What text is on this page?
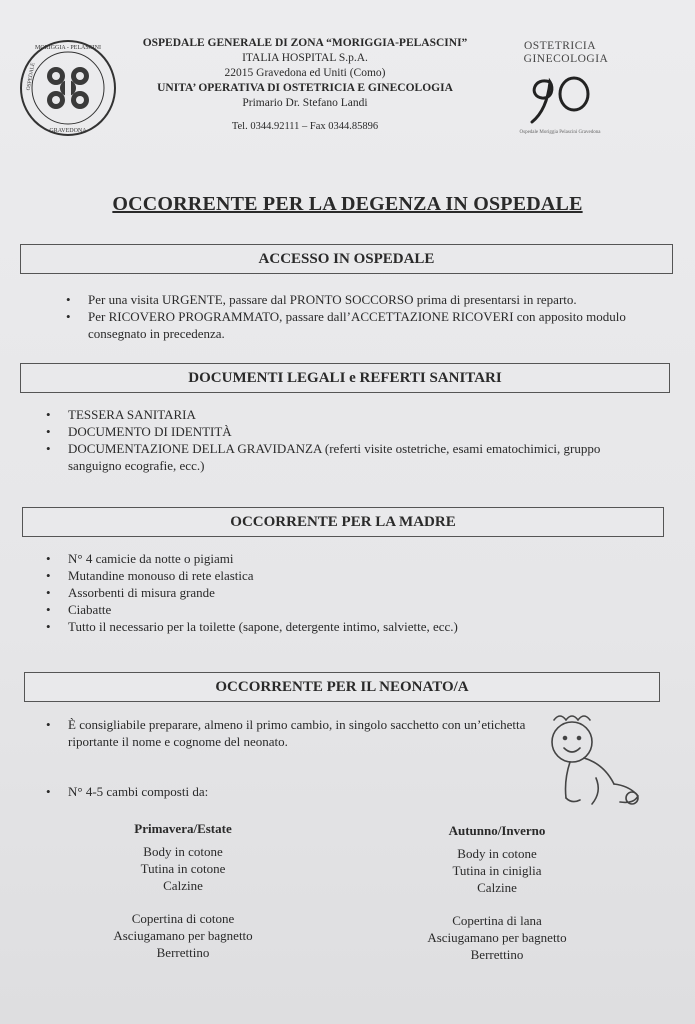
MORIGGIA - PELASCINI
OSPEDALE
GRAVEDONA
OSPEDALE GENERALE DI ZONA “MORIGGIA-PELASCINI”
ITALIA HOSPITAL S.p.A.
22015 Gravedona ed Uniti (Como)
UNITA’ OPERATIVA DI OSTETRICIA E GINECOLOGIA
Primario Dr. Stefano Landi
Tel. 0344.92111 – Fax 0344.85896
OSTETRICIA
GINECOLOGIA
Ospedale Moriggia Pelascini Gravedona
OCCORRENTE PER LA DEGENZA IN OSPEDALE
ACCESSO IN OSPEDALE
• Per una visita URGENTE, passare dal PRONTO SOCCORSO prima di presentarsi in reparto.
• Per RICOVERO PROGRAMMATO, passare dall’ACCETTAZIONE RICOVERI con apposito modulo consegnato in precedenza.
DOCUMENTI LEGALI e REFERTI SANITARI
• TESSERA SANITARIA
• DOCUMENTO DI IDENTITÀ
• DOCUMENTAZIONE DELLA GRAVIDANZA (referti visite ostetriche, esami ematochimici, gruppo sanguigno ecografie, ecc.)
OCCORRENTE PER LA MADRE
• N° 4 camicie da notte o pigiami
• Mutandine monouso di rete elastica
• Assorbenti di misura grande
• Ciabatte
• Tutto il necessario per la toilette (sapone, detergente intimo, salviette, ecc.)
OCCORRENTE PER IL NEONATO/A
• È consigliabile preparare, almeno il primo cambio, in singolo sacchetto con un’etichetta riportante il nome e cognome del neonato.
• N° 4-5 cambi composti da:
Primavera/Estate
Body in cotone
Tutina in cotone
Calzine
Copertina di cotone
Asciugamano per bagnetto
Berrettino
Autunno/Inverno
Body in cotone
Tutina in ciniglia
Calzine
Copertina di lana
Asciugamano per bagnetto
Berrettino
